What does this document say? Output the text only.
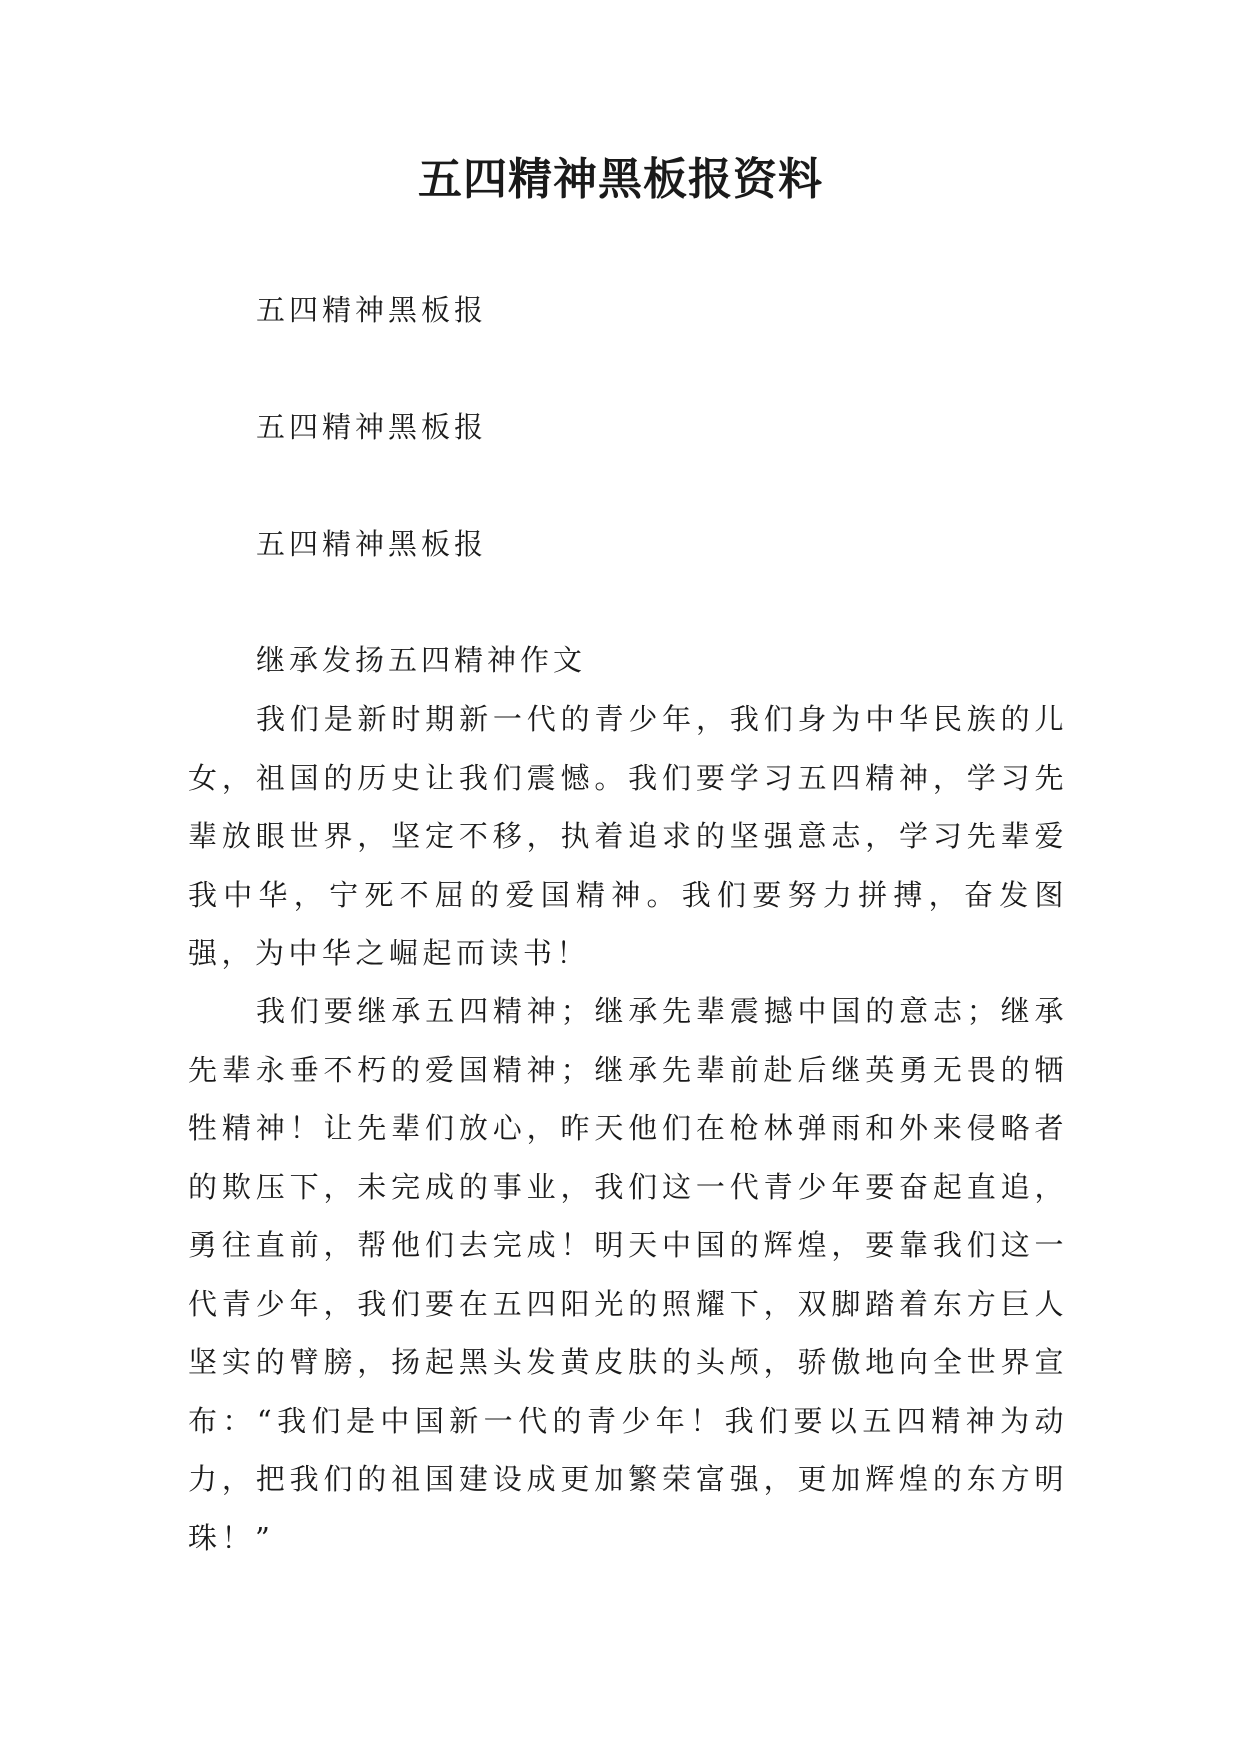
五四精神黑板报资料

五四精神黑板报

五四精神黑板报

五四精神黑板报

继承发扬五四精神作文

我们是新时期新一代的青少年，我们身为中华民族的儿女，祖国的历史让我们震憾。我们要学习五四精神，学习先辈放眼世界，坚定不移，执着追求的坚强意志，学习先辈爱我中华，宁死不屈的爱国精神。我们要努力拼搏，奋发图强，为中华之崛起而读书！

我们要继承五四精神；继承先辈震撼中国的意志；继承先辈永垂不朽的爱国精神；继承先辈前赴后继英勇无畏的牺牲精神！让先辈们放心，昨天他们在枪林弹雨和外来侵略者的欺压下，未完成的事业，我们这一代青少年要奋起直追，勇往直前，帮他们去完成！明天中国的辉煌，要靠我们这一代青少年，我们要在五四阳光的照耀下，双脚踏着东方巨人坚实的臂膀，扬起黑头发黄皮肤的头颅，骄傲地向全世界宣布：“我们是中国新一代的青少年！我们要以五四精神为动力，把我们的祖国建设成更加繁荣富强，更加辉煌的东方明珠！”
